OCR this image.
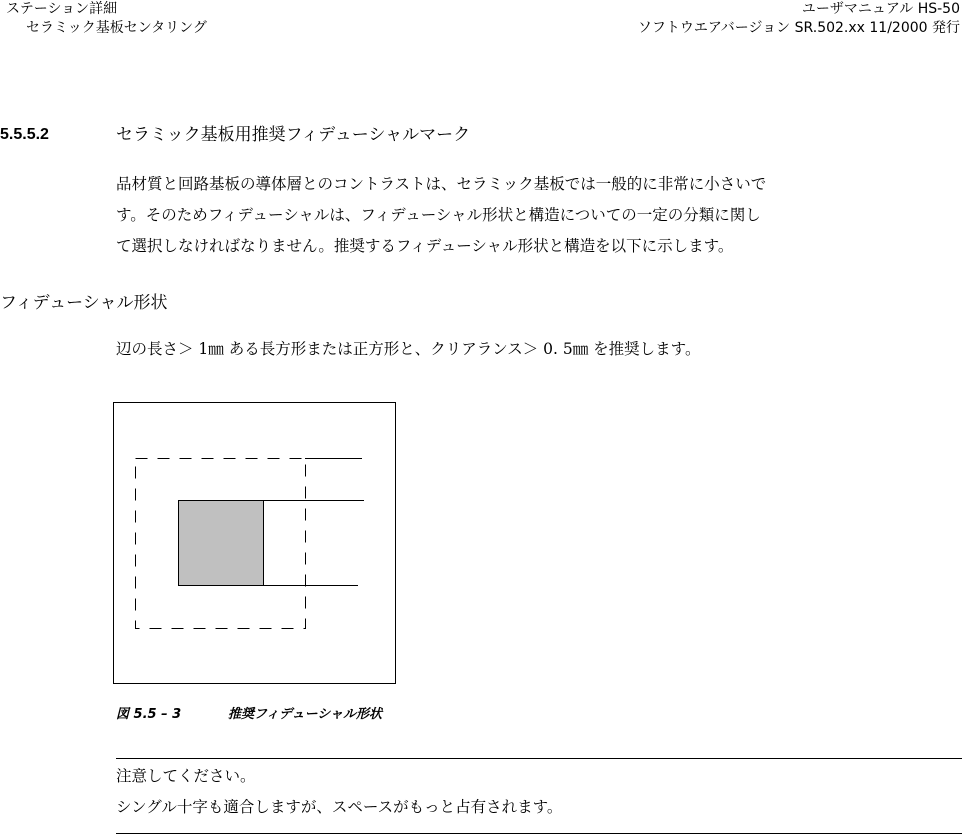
ステーション詳細
セラミック基板センタリング
ユーザマニュアル HS-50
ソフトウエアバージョン SR.502.xx 11/2000 発行
5.5.5.2	セラミック基板用推奨フィデューシャルマーク

品材質と回路基板の導体層とのコントラストは、セラミック基板では一般的に非常に小さいで

す。そのためフィデューシャルは、フィデューシャル形状と構造についての一定の分類に関し

て選択しなければなりません。推奨するフィデューシャル形状と構造を以下に示します。

フィデューシャル形状

辺の長さ＞ 1㎜ ある長方形または正方形と、クリアランス＞ 0. 5㎜ を推奨します。

図 5.5 – 3	推奨フィデューシャル形状
注意してください。
シングル十字も適合しますが、スペースがもっと占有されます。
